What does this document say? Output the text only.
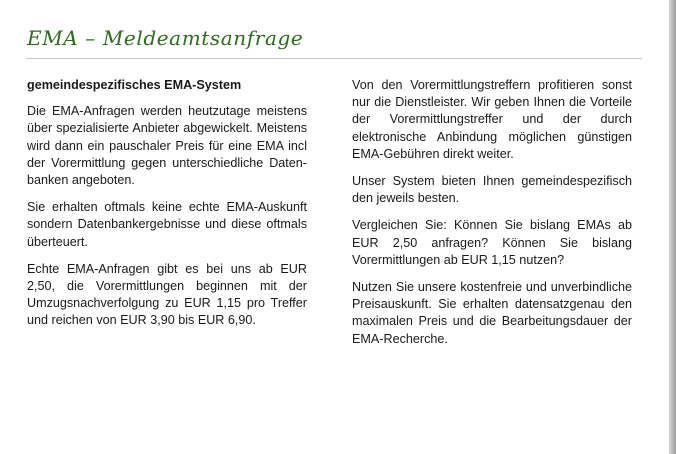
EMA – Meldeamtsanfrage
gemeindespezifisches EMA-System

Die EMA-Anfragen werden heutzutage meistens über spezialisierte Anbieter abgewickelt. Meistens wird dann ein pauschaler Preis für eine EMA incl der Vorermittlung gegen unterschiedliche Datenbanken angeboten.

Sie erhalten oftmals keine echte EMA-Auskunft sondern Datenbankergebnisse und diese oftmals überteuert.

Echte EMA-Anfragen gibt es bei uns ab EUR 2,50, die Vorermittlungen beginnen mit der Umzugsnachverfolgung zu EUR 1,15 pro Treffer und reichen von EUR 3,90 bis EUR 6,90.

Von den Vorermittlungstreffern profitieren sonst nur die Dienstleister. Wir geben Ihnen die Vorteile der Vorermittlungstreffer und der durch elektronische Anbindung möglichen günstigen EMA-Gebühren direkt weiter.

Unser System bieten Ihnen gemeindespezifisch den jeweils besten.

Vergleichen Sie: Können Sie bislang EMAs ab EUR 2,50 anfragen? Können Sie bislang Vorermittlungen ab EUR 1,15 nutzen?

Nutzen Sie unsere kostenfreie und unverbindliche Preisauskunft. Sie erhalten datensatzgenau den maximalen Preis und die Bearbeitungsdauer der EMA-Recherche.
